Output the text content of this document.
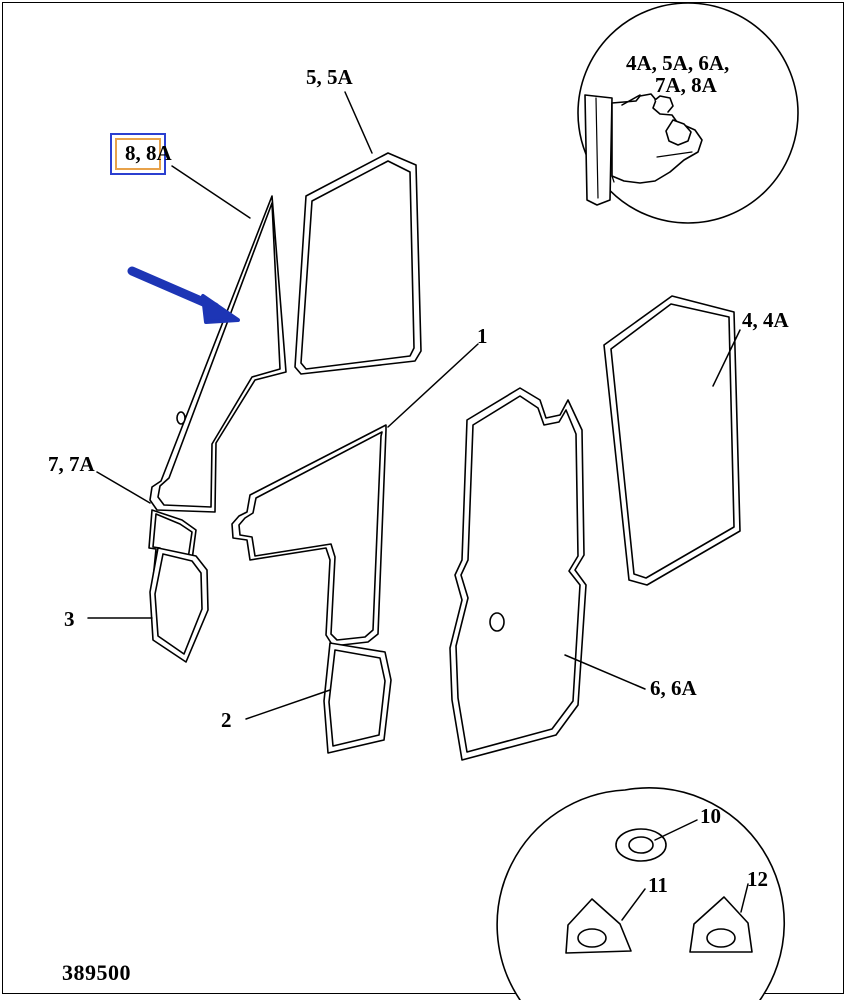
5, 5A
8, 8A
1
4, 4A
7, 7A
3
6, 6A
2
10
11	12
4A, 5A, 6A,
7A, 8A
389500
